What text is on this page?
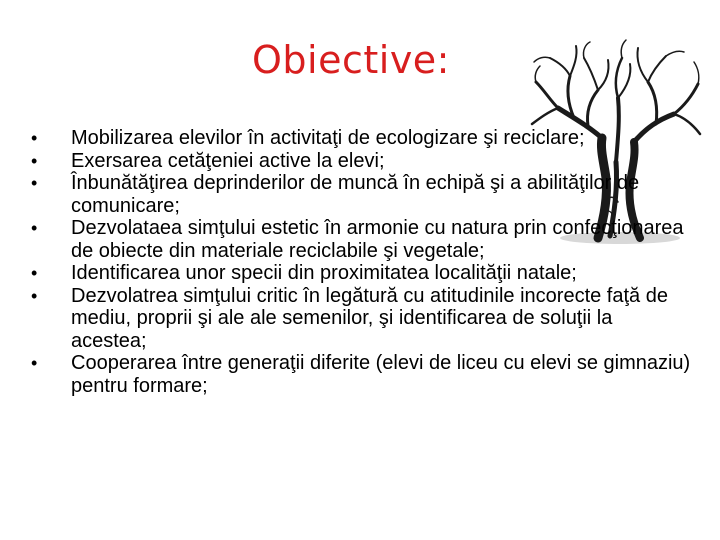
Obiective:
• Mobilizarea elevilor în activitaţi de ecologizare şi reciclare;
• Exersarea cetăţeniei active la elevi;
• Înbunătăţirea deprinderilor de muncă în echipă şi a abilităţilor de comunicare;
• Dezvolataea simţului estetic în armonie cu natura prin confecţionarea de obiecte din materiale reciclabile şi vegetale;
• Identificarea unor specii din proximitatea localităţii natale;
• Dezvolatrea simţului critic în legătură cu atitudinile incorecte faţă de mediu, proprii şi ale ale semenilor, şi identificarea de soluţii la acestea;
• Cooperarea între generaţii diferite (elevi de liceu cu elevi se gimnaziu) pentru formare;
